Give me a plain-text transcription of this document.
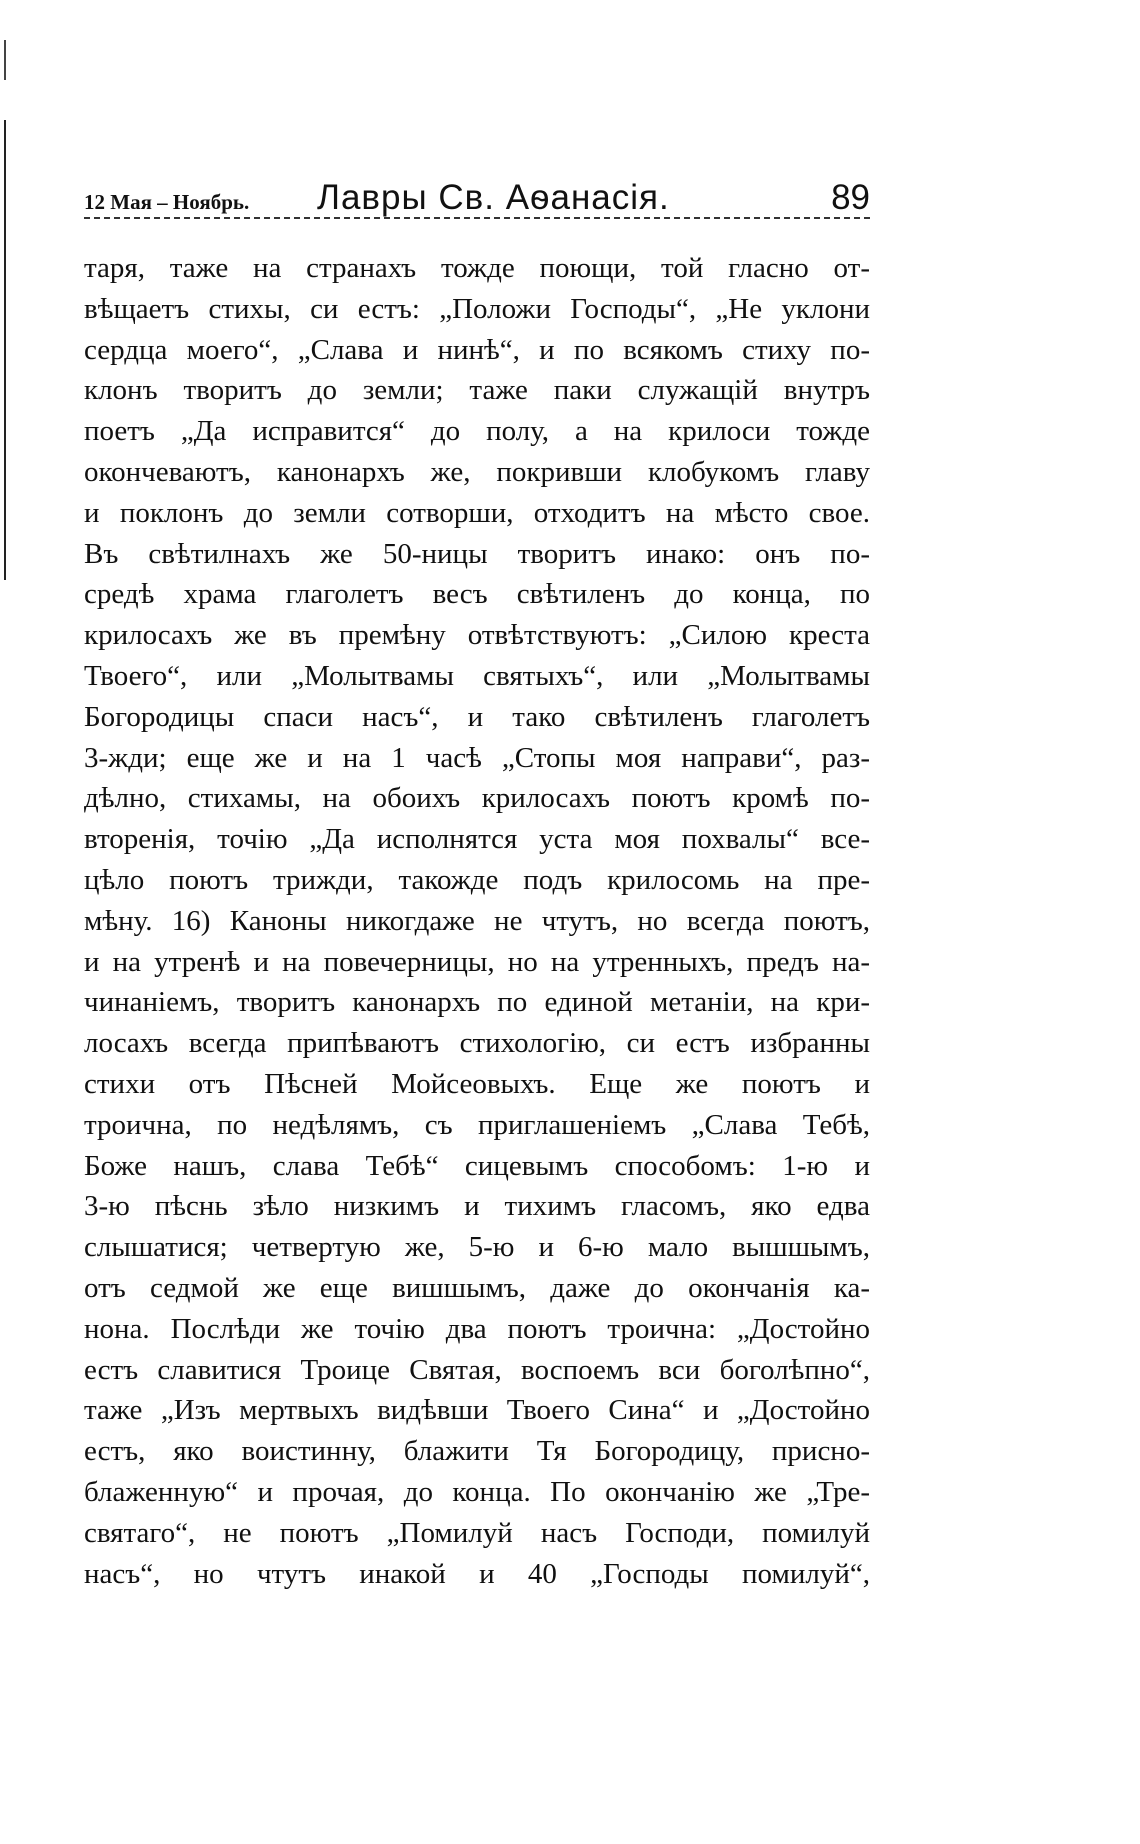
12 Мая – Ноябрь. Лавры Св. Аѳанасія.	89
таря, таже на странахъ тожде поющи, той гласно от-
вѣщаетъ стихы, си естъ: „Положи Господы“, „Не уклони
сердца моего“, „Слава и нинѣ“, и по всякомъ стиху по-
клонъ творитъ до земли; таже паки служащій внутръ
поетъ „Да исправится“ до полу, а на крилоси тожде
окончеваютъ, канонархъ же, покривши клобукомъ главу
и поклонъ до земли сотворши, отходитъ на мѣсто свое.
Въ свѣтилнахъ же 50-ницы творитъ инако: онъ по-
средѣ храма глаголетъ весъ свѣтиленъ до конца, по
крилосахъ же въ премѣну отвѣтствуютъ: „Силою креста
Твоего“, или „Молытвамы святыхъ“, или „Молытвамы
Богородицы спаси насъ“, и тако свѣтиленъ глаголетъ
3-жди; еще же и на 1 часѣ „Стопы моя направи“, раз-
дѣлно, стихамы, на обоихъ крилосахъ поютъ кромѣ по-
вторенія, точію „Да исполнятся уста моя похвалы“ все-
цѣло поютъ трижди, такожде подъ крилосомь на пре-
мѣну. 16) Каноны никогдаже не чтутъ, но всегда поютъ,
и на утренѣ и на повечерницы, но на утренныхъ, предъ на-
чинаніемъ, творитъ канонархъ по единой метаніи, на кри-
лосахъ всегда припѣваютъ стихологію, си естъ избранны
стихи отъ Пѣсней Мойсеовыхъ. Еще же поютъ и
троична, по недѣлямъ, съ приглашеніемъ „Слава Тебѣ,
Боже нашъ, слава Тебѣ“ сицевымъ способомъ: 1-ю и
3-ю пѣснь зѣло низкимъ и тихимъ гласомъ, яко едва
слышатися; четвертую же, 5-ю и 6-ю мало вышшымъ,
отъ седмой же еще вишшымъ, даже до окончанія ка-
нона. Послѣди же точію два поютъ троична: „Достойно
естъ славитися Троице Святая, воспоемъ вси боголѣпно“,
таже „Изъ мертвыхъ видѣвши Твоего Сина“ и „Достойно
естъ, яко воистинну, блажити Тя Богородицу, присно-
блаженную“ и прочая, до конца. По окончанію же „Тре-
святаго“, не поютъ „Помилуй насъ Господи, помилуй
насъ“, но чтутъ инакой и 40 „Господы помилуй“,
